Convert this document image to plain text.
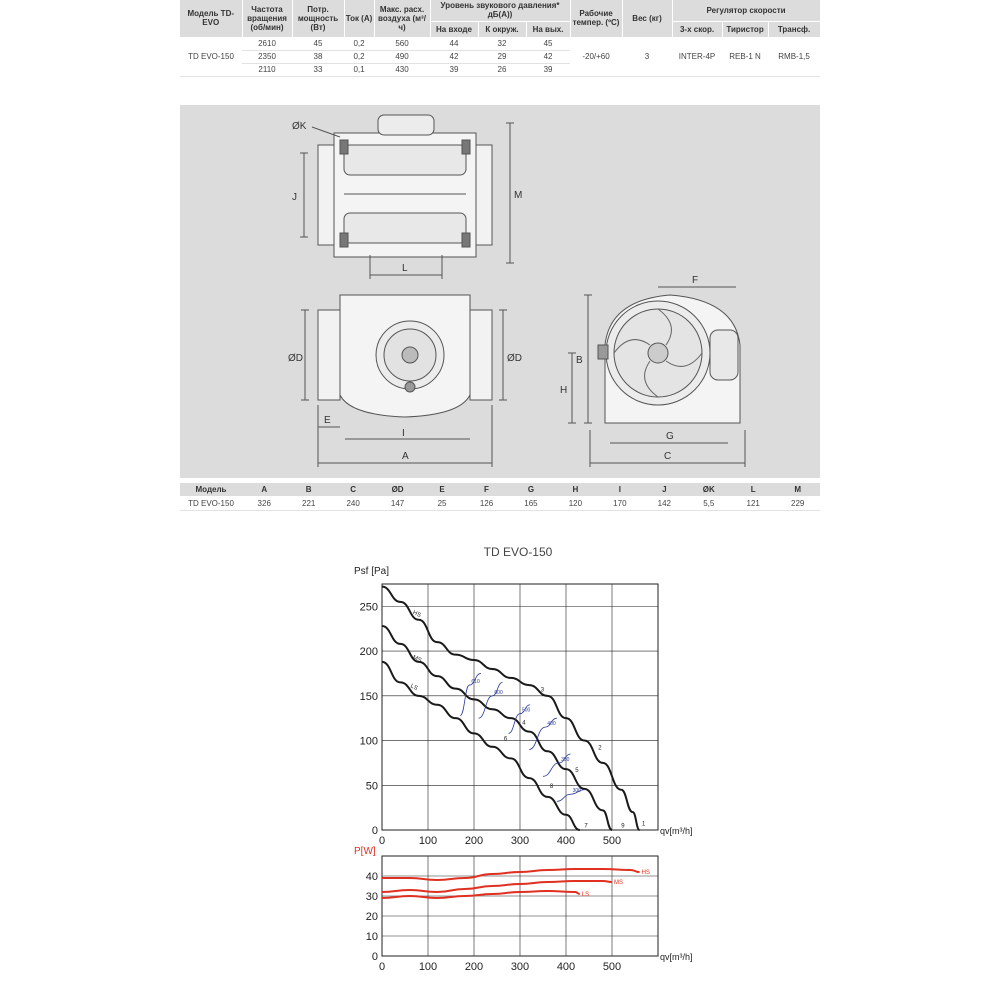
Модель TD-EVO	Частота вращения (об/мин)	Потр. мощность (Вт)	Ток (A)	Макс. расх. воздуха (м³/ч)	Уровень звукового давления* дБ(A))			Рабочие темпер. (ºC)	Вес (кг)	Регулятор скорости		
					На входе	К окруж.	На вых.			3-х скор.	Тиристор	Трансф.
TD EVO-150	2610	45	0,2	560	44	32	45	-20/+60	3	INTER-4P	REB-1 N	RMB-1,5
	2350	38	0,2	490	42	29	42					
	2110	33	0,1	430	39	26	39					
ØK
J	M
L
ØD	ØD
E
I
A
F
B
H
G
C
Модель	A	B	C	ØD	E	F	G	H	I	J	ØK	L	M
TD EVO-150	326	221	240	147	25	126	165	120	170	142	5,5	121	229
TD EVO-150
0	100	200	300	400	500
0
50
100
150
200
250
qv[m³/h]
Psf [Pa]
HS
MS
LS
610
600
500
400
350
300
1
2
3
4
5
6
7
8
9
0	100	200	300	400	500
0
10
20
30
40
qv[m³/h]
P[W]
HS
MS
LS
